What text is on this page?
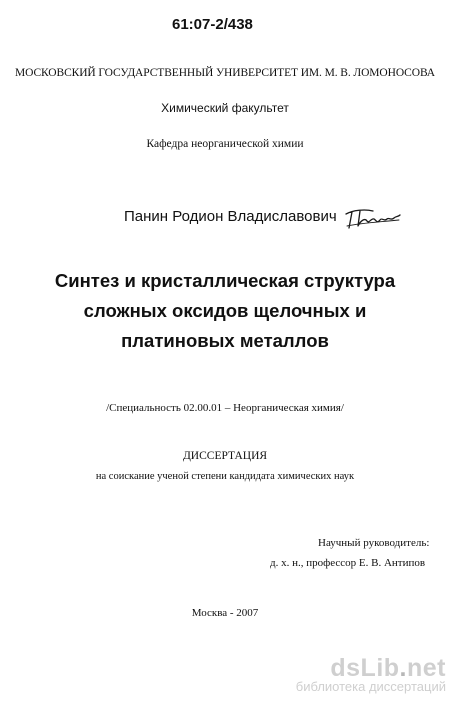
61:07-2/438
МОСКОВСКИЙ ГОСУДАРСТВЕННЫЙ УНИВЕРСИТЕТ ИМ. М. В. ЛОМОНОСОВА
Химический факультет
Кафедра неорганической химии
Панин Родион Владиславович
Синтез и кристаллическая структура
сложных оксидов щелочных и
платиновых металлов
/Специальность 02.00.01 – Неорганическая химия/
ДИССЕРТАЦИЯ
на соискание ученой степени кандидата химических наук
Научный руководитель:
д. х. н., профессор Е. В. Антипов
Москва - 2007
dsLib.net
библиотека диссертаций
